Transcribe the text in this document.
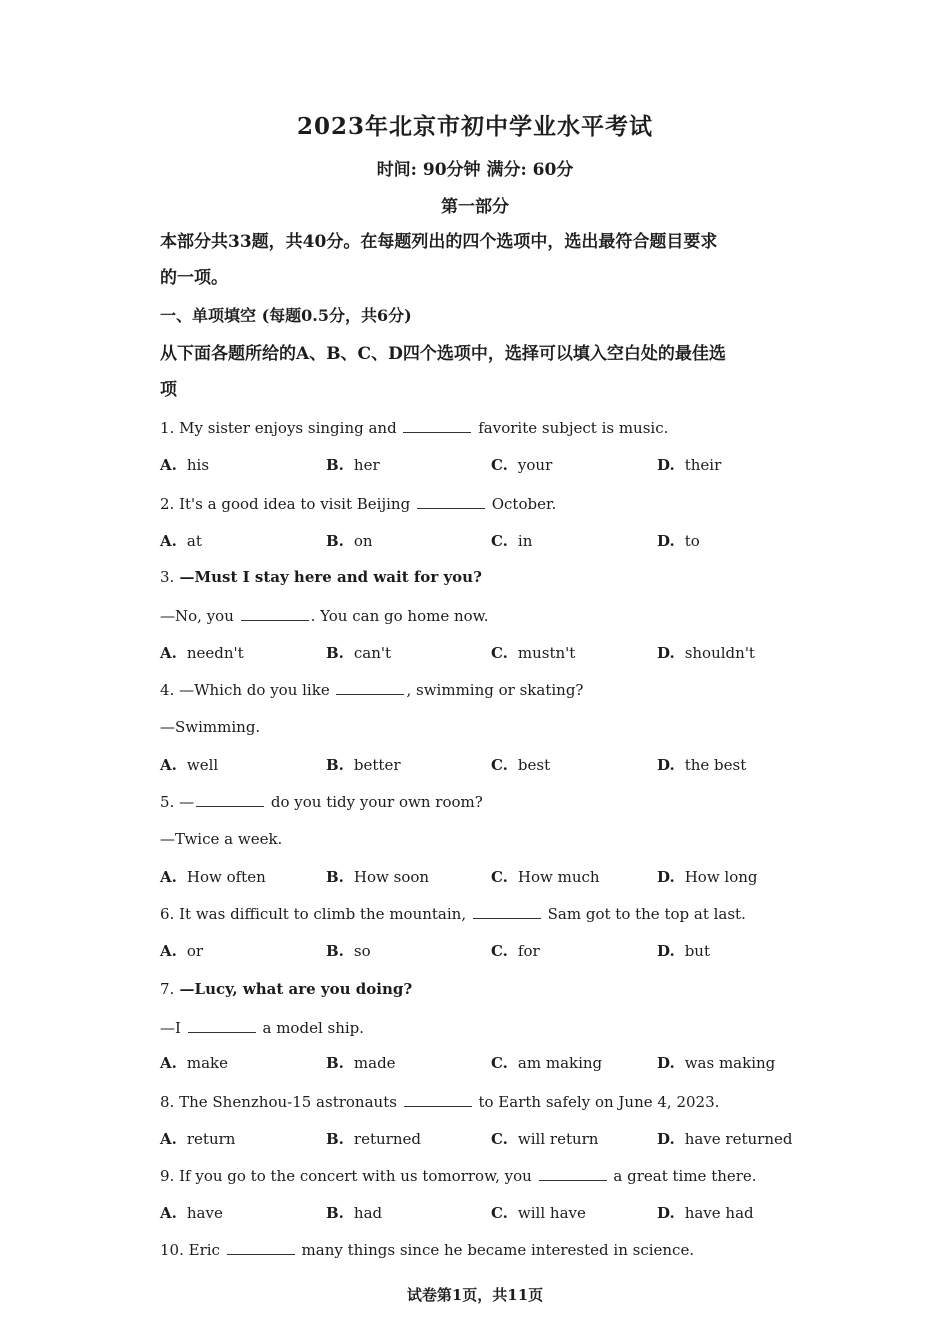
2023年北京市初中学业水平考试
时间: 90分钟 满分: 60分
第一部分
本部分共33题，共40分。在每题列出的四个选项中，选出最符合题目要求
的一项。
一、单项填空 (每题0.5分，共6分)
从下面各题所给的A、B、C、D四个选项中，选择可以填入空白处的最佳选
项
1. My sister enjoys singing and	favorite subject is music.
A. his	B. her	C. your	D. their
2. It's a good idea to visit Beijing	October.
A. at	B. on	C. in	D. to
3. —Must I stay here and wait for you?
—No, you	. You can go home now.
A. needn't	B. can't	C. mustn't	D. shouldn't
4. —Which do you like	, swimming or skating?
—Swimming.
A. well	B. better	C. best	D. the best
5. —	do you tidy your own room?
—Twice a week.
A. How often	B. How soon	C. How much	D. How long
6. It was difficult to climb the mountain,	Sam got to the top at last.
A. or	B. so	C. for	D. but
7. —Lucy, what are you doing?
—I	a model ship.
A. make	B. made	C. am making	D. was making
8. The Shenzhou-15 astronauts	to Earth safely on June 4, 2023.
A. return	B. returned	C. will return	D. have returned
9. If you go to the concert with us tomorrow, you	a great time there.
A. have	B. had	C. will have	D. have had
10. Eric	many things since he became interested in science.
试卷第1页，共11页
